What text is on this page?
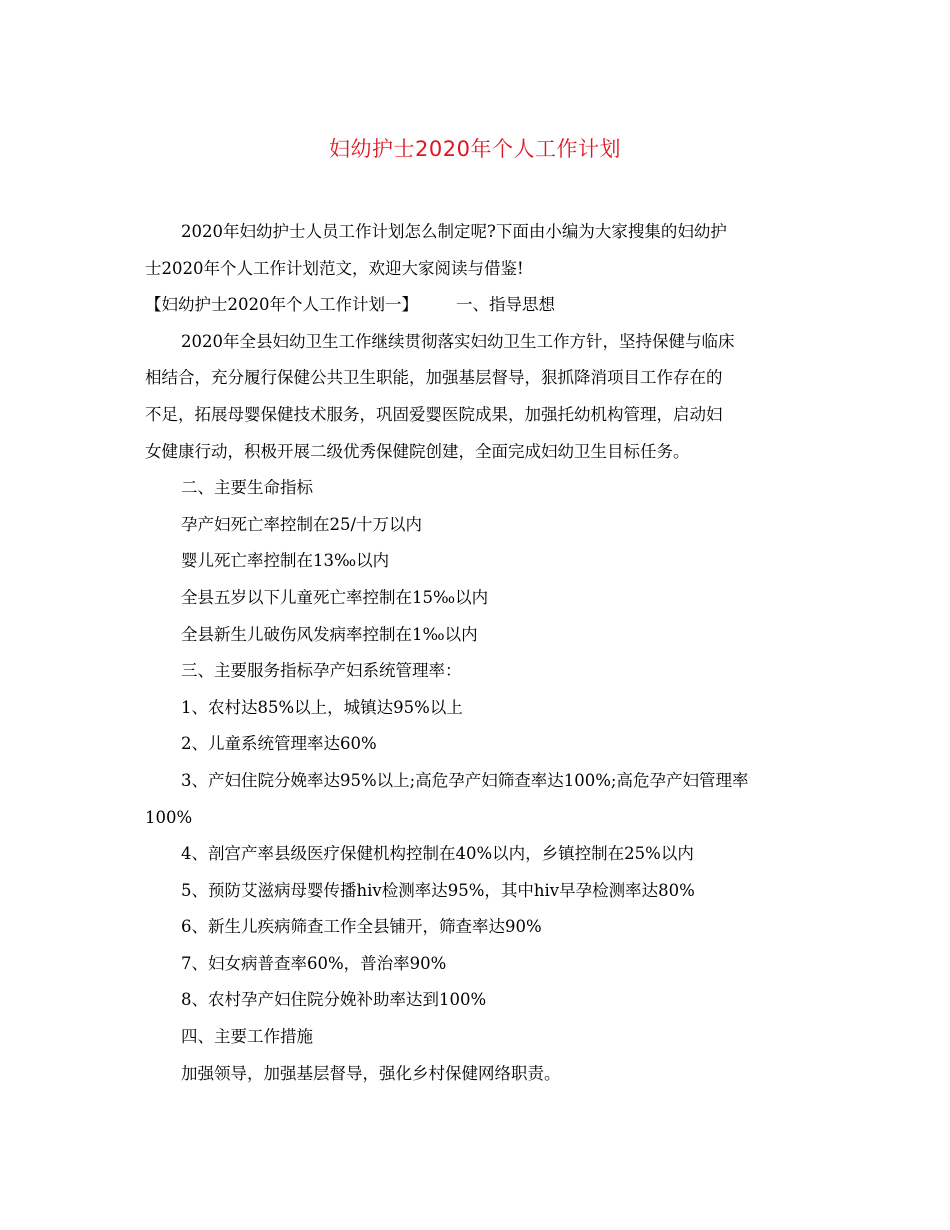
妇幼护士2020年个人工作计划
2020年妇幼护士人员工作计划怎么制定呢?下面由小编为大家搜集的妇幼护
士2020年个人工作计划范文，欢迎大家阅读与借鉴!
【妇幼护士2020年个人工作计划一】 一、指导思想
2020年全县妇幼卫生工作继续贯彻落实妇幼卫生工作方针，坚持保健与临床
相结合，充分履行保健公共卫生职能，加强基层督导，狠抓降消项目工作存在的
不足，拓展母婴保健技术服务，巩固爱婴医院成果，加强托幼机构管理，启动妇
女健康行动，积极开展二级优秀保健院创建，全面完成妇幼卫生目标任务。
二、主要生命指标
孕产妇死亡率控制在25/十万以内
婴儿死亡率控制在13‰以内
全县五岁以下儿童死亡率控制在15‰以内
全县新生儿破伤风发病率控制在1‰以内
三、主要服务指标孕产妇系统管理率：
1、农村达85%以上，城镇达95%以上
2、儿童系统管理率达60%
3、产妇住院分娩率达95%以上;高危孕产妇筛查率达100%;高危孕产妇管理率
100%
4、剖宫产率县级医疗保健机构控制在40%以内，乡镇控制在25%以内
5、预防艾滋病母婴传播hiv检测率达95%，其中hiv早孕检测率达80%
6、新生儿疾病筛查工作全县铺开，筛查率达90%
7、妇女病普查率60%，普治率90%
8、农村孕产妇住院分娩补助率达到100%
四、主要工作措施
加强领导，加强基层督导，强化乡村保健网络职责。
